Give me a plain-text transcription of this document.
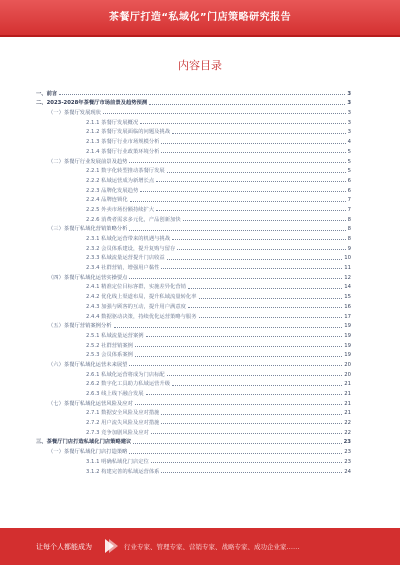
茶餐厅打造“私域化”门店策略研究报告
内容目录
一、前言	3
二、2023-2028年茶餐厅市场前景及趋势预测	3
（一）茶餐厅发展现状	3
2.1.1 茶餐厅发展概况	3
2.1.2 茶餐厅发展面临的问题及挑战	3
2.1.3 茶餐厅行业市场规模分析	4
2.1.4 茶餐厅行业政策环境分析	5
（二）茶餐厅行业发展前景及趋势	5
2.2.1 数字化转型推动茶餐厅发展	5
2.2.2 私域运营成为新增长点	6
2.2.3 品牌化发展趋势	6
2.2.4 品牌连锁化	7
2.2.5 外卖市场份额持续扩大	7
2.2.6 消费者需求多元化，产品创新加快	8
（三）茶餐厅私域化营销策略分析	8
2.3.1 私域化运营带来的机遇与挑战	8
2.3.2 会员体系建设，提升复购与留存	9
2.3.3 私域流量运营提升门店收益	10
2.3.4 社群营销，增强用户黏性	11
（四）茶餐厅私域化运营实操要点	12
2.4.1 精准定位目标客群，实施差异化营销	14
2.4.2 优化线上渠道布局，提升私域流量转化率	15
2.4.3 加强与顾客的互动，提升用户满意度	16
2.4.4 数据驱动决策，持续优化运营策略与服务	17
（五）茶餐厅营销案例分析	19
2.5.1 私域流量运营案例	19
2.5.2 社群营销案例	19
2.5.3 会员体系案例	19
（六）茶餐厅私域化运营未来展望	20
2.6.1 私域化运营将成为门店标配	20
2.6.2 数字化工具助力私域运营升级	21
2.6.3 线上线下融合发展	21
（七）茶餐厅私域化运营风险及应对	21
2.7.1 数据安全风险及应对措施	21
2.7.2 用户流失风险及应对措施	22
2.7.3 竞争加剧风险及应对	22
三、茶餐厅门店打造私域化门店策略建议	23
（一）茶餐厅私域化门店打造策略	23
3.1.1 明确私域化门店定位	23
3.1.2 构建完善的私域运营体系	24
让每个人都能成为	行业专家、管理专家、营销专家、战略专家、成功企业家……
